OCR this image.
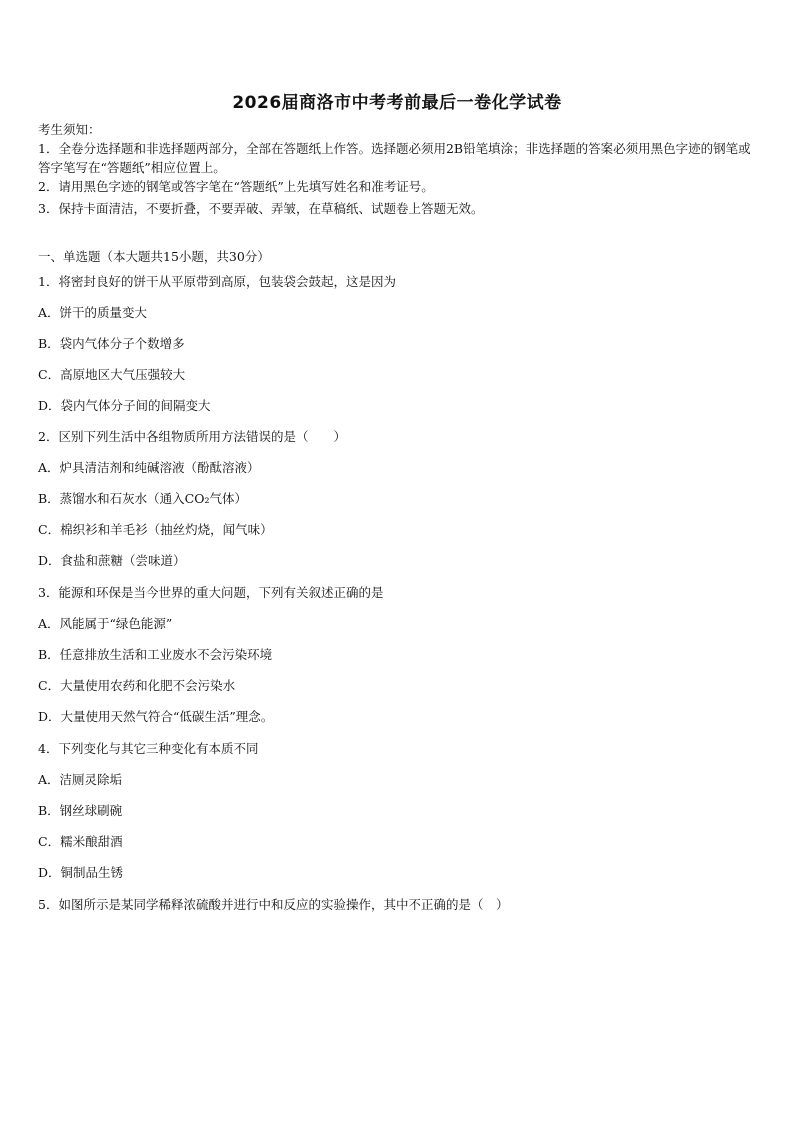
2026届商洛市中考考前最后一卷化学试卷
考生须知：
1．全卷分选择题和非选择题两部分，全部在答题纸上作答。选择题必须用2B铅笔填涂；非选择题的答案必须用黑色字迹的钢笔或答字笔写在“答题纸”相应位置上。
2．请用黑色字迹的钢笔或答字笔在“答题纸”上先填写姓名和准考证号。
3．保持卡面清洁，不要折叠，不要弄破、弄皱，在草稿纸、试题卷上答题无效。
一、单选题（本大题共15小题，共30分）
1．将密封良好的饼干从平原带到高原，包装袋会鼓起，这是因为
A．饼干的质量变大
B．袋内气体分子个数增多
C．高原地区大气压强较大
D．袋内气体分子间的间隔变大
2．区别下列生活中各组物质所用方法错误的是（　　）
A．炉具清洁剂和纯碱溶液（酚酞溶液）
B．蒸馏水和石灰水（通入CO₂气体）
C．棉织衫和羊毛衫（抽丝灼烧，闻气味）
D．食盐和蔗糖（尝味道）
3．能源和环保是当今世界的重大问题，下列有关叙述正确的是
A．风能属于“绿色能源”
B．任意排放生活和工业废水不会污染环境
C．大量使用农药和化肥不会污染水
D．大量使用天然气符合“低碳生活”理念。
4．下列变化与其它三种变化有本质不同
A．洁厕灵除垢
B．钢丝球刷碗
C．糯米酿甜酒
D．铜制品生锈
5．如图所示是某同学稀释浓硫酸并进行中和反应的实验操作，其中不正确的是（　）
